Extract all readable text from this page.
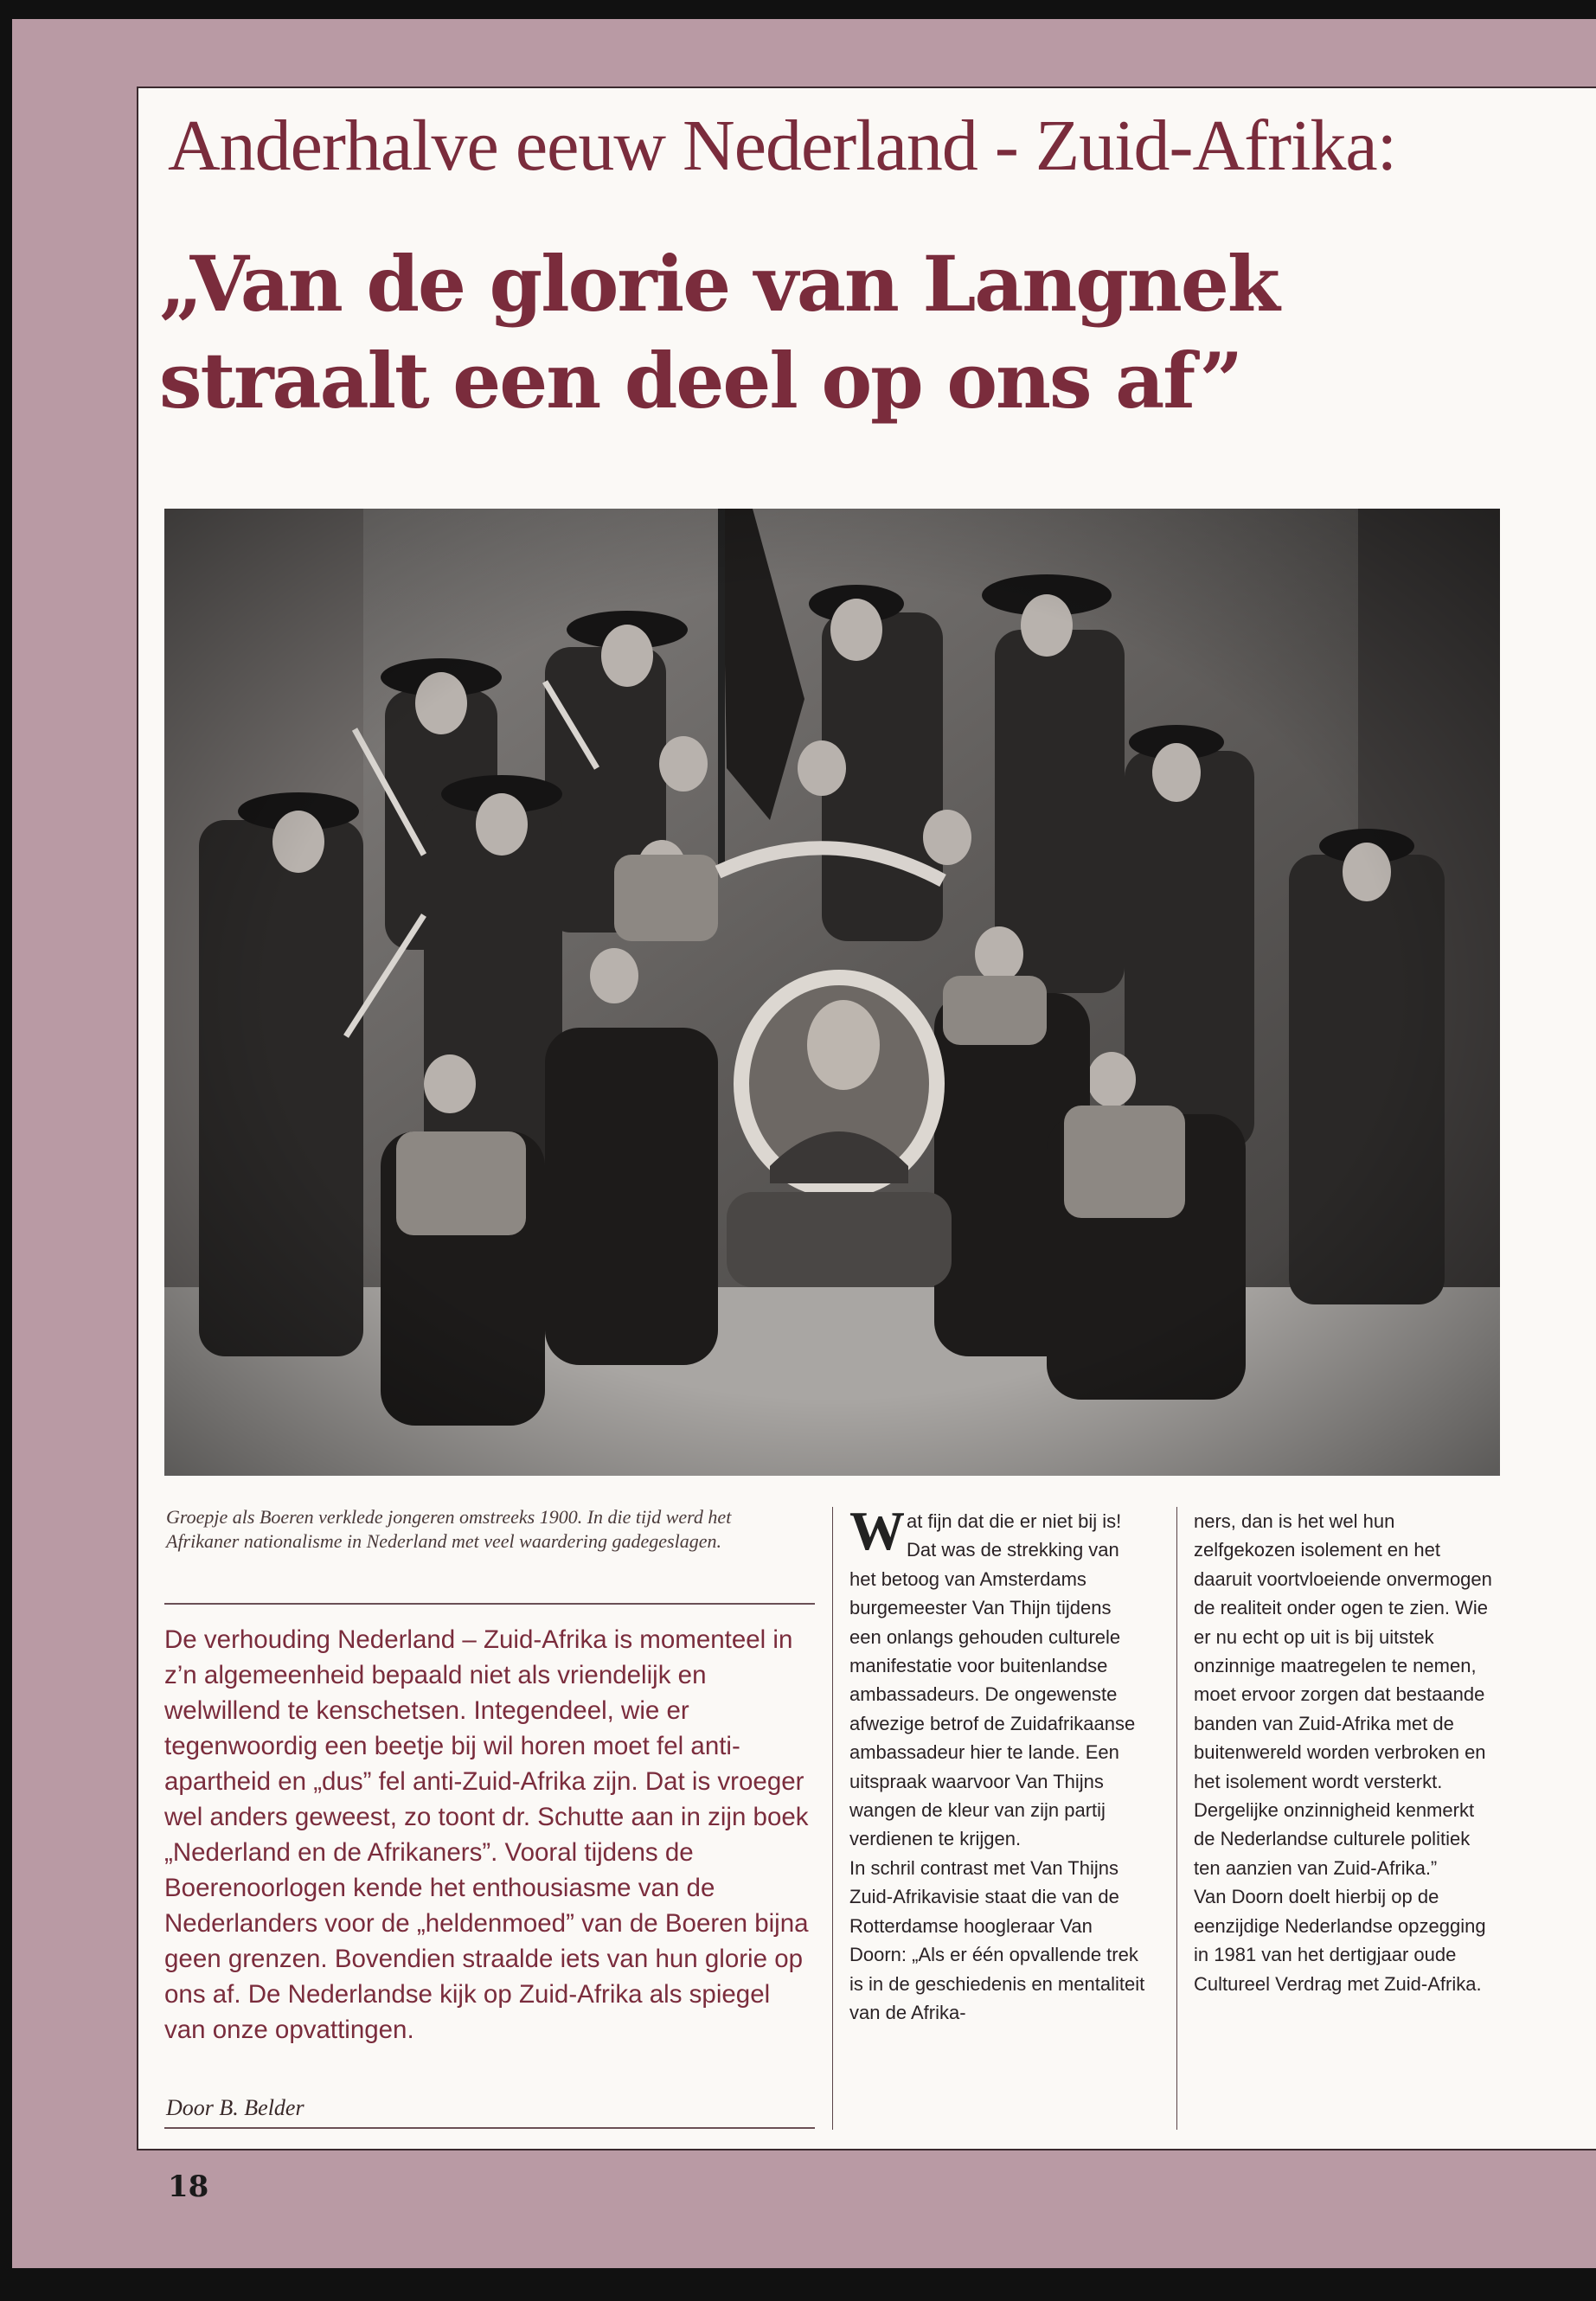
Anderhalve eeuw Nederland - Zuid-Afrika:
„Van de glorie van Langnek
straalt een deel op ons af”
Groepje als Boeren verklede jongeren omstreeks 1900. In die tijd werd het Afrikaner nationalisme in Nederland met veel waardering gadegeslagen.
De verhouding Nederland – Zuid-Afrika is momenteel in z’n algemeenheid bepaald niet als vriendelijk en welwillend te kenschetsen. Integendeel, wie er tegenwoordig een beetje bij wil horen moet fel anti-apartheid en „dus” fel anti-Zuid-Afrika zijn. Dat is vroeger wel anders geweest, zo toont dr. Schutte aan in zijn boek „Nederland en de Afrikaners”. Vooral tijdens de Boerenoorlogen kende het enthousiasme van de Nederlanders voor de „heldenmoed” van de Boeren bijna geen grenzen. Bovendien straalde iets van hun glorie op ons af. De Nederlandse kijk op Zuid-Afrika als spiegel van onze opvattingen.
Door B. Belder
Wat fijn dat die er niet bij is! Dat was de strekking van het betoog van Amsterdams burgemeester Van Thijn tijdens een onlangs gehouden culturele manifestatie voor buitenlandse ambassadeurs. De ongewenste afwezige betrof de Zuidafrikaanse ambassadeur hier te lande. Een uitspraak waarvoor Van Thijns wangen de kleur van zijn partij verdienen te krijgen.
In schril contrast met Van Thijns Zuid-Afrikavisie staat die van de Rotterdamse hoogleraar Van Doorn: „Als er één opvallende trek is in de geschiedenis en mentaliteit van de Afrika-
ners, dan is het wel hun zelfgekozen isolement en het daaruit voortvloeiende onvermogen de realiteit onder ogen te zien. Wie er nu echt op uit is bij uitstek onzinnige maatregelen te nemen, moet ervoor zorgen dat bestaande banden van Zuid-Afrika met de buitenwereld worden verbroken en het isolement wordt versterkt. Dergelijke onzinnigheid kenmerkt de Nederlandse culturele politiek ten aanzien van Zuid-Afrika.”
Van Doorn doelt hierbij op de eenzijdige Nederlandse opzegging in 1981 van het dertigjaar oude Cultureel Verdrag met Zuid-Afrika.
18
